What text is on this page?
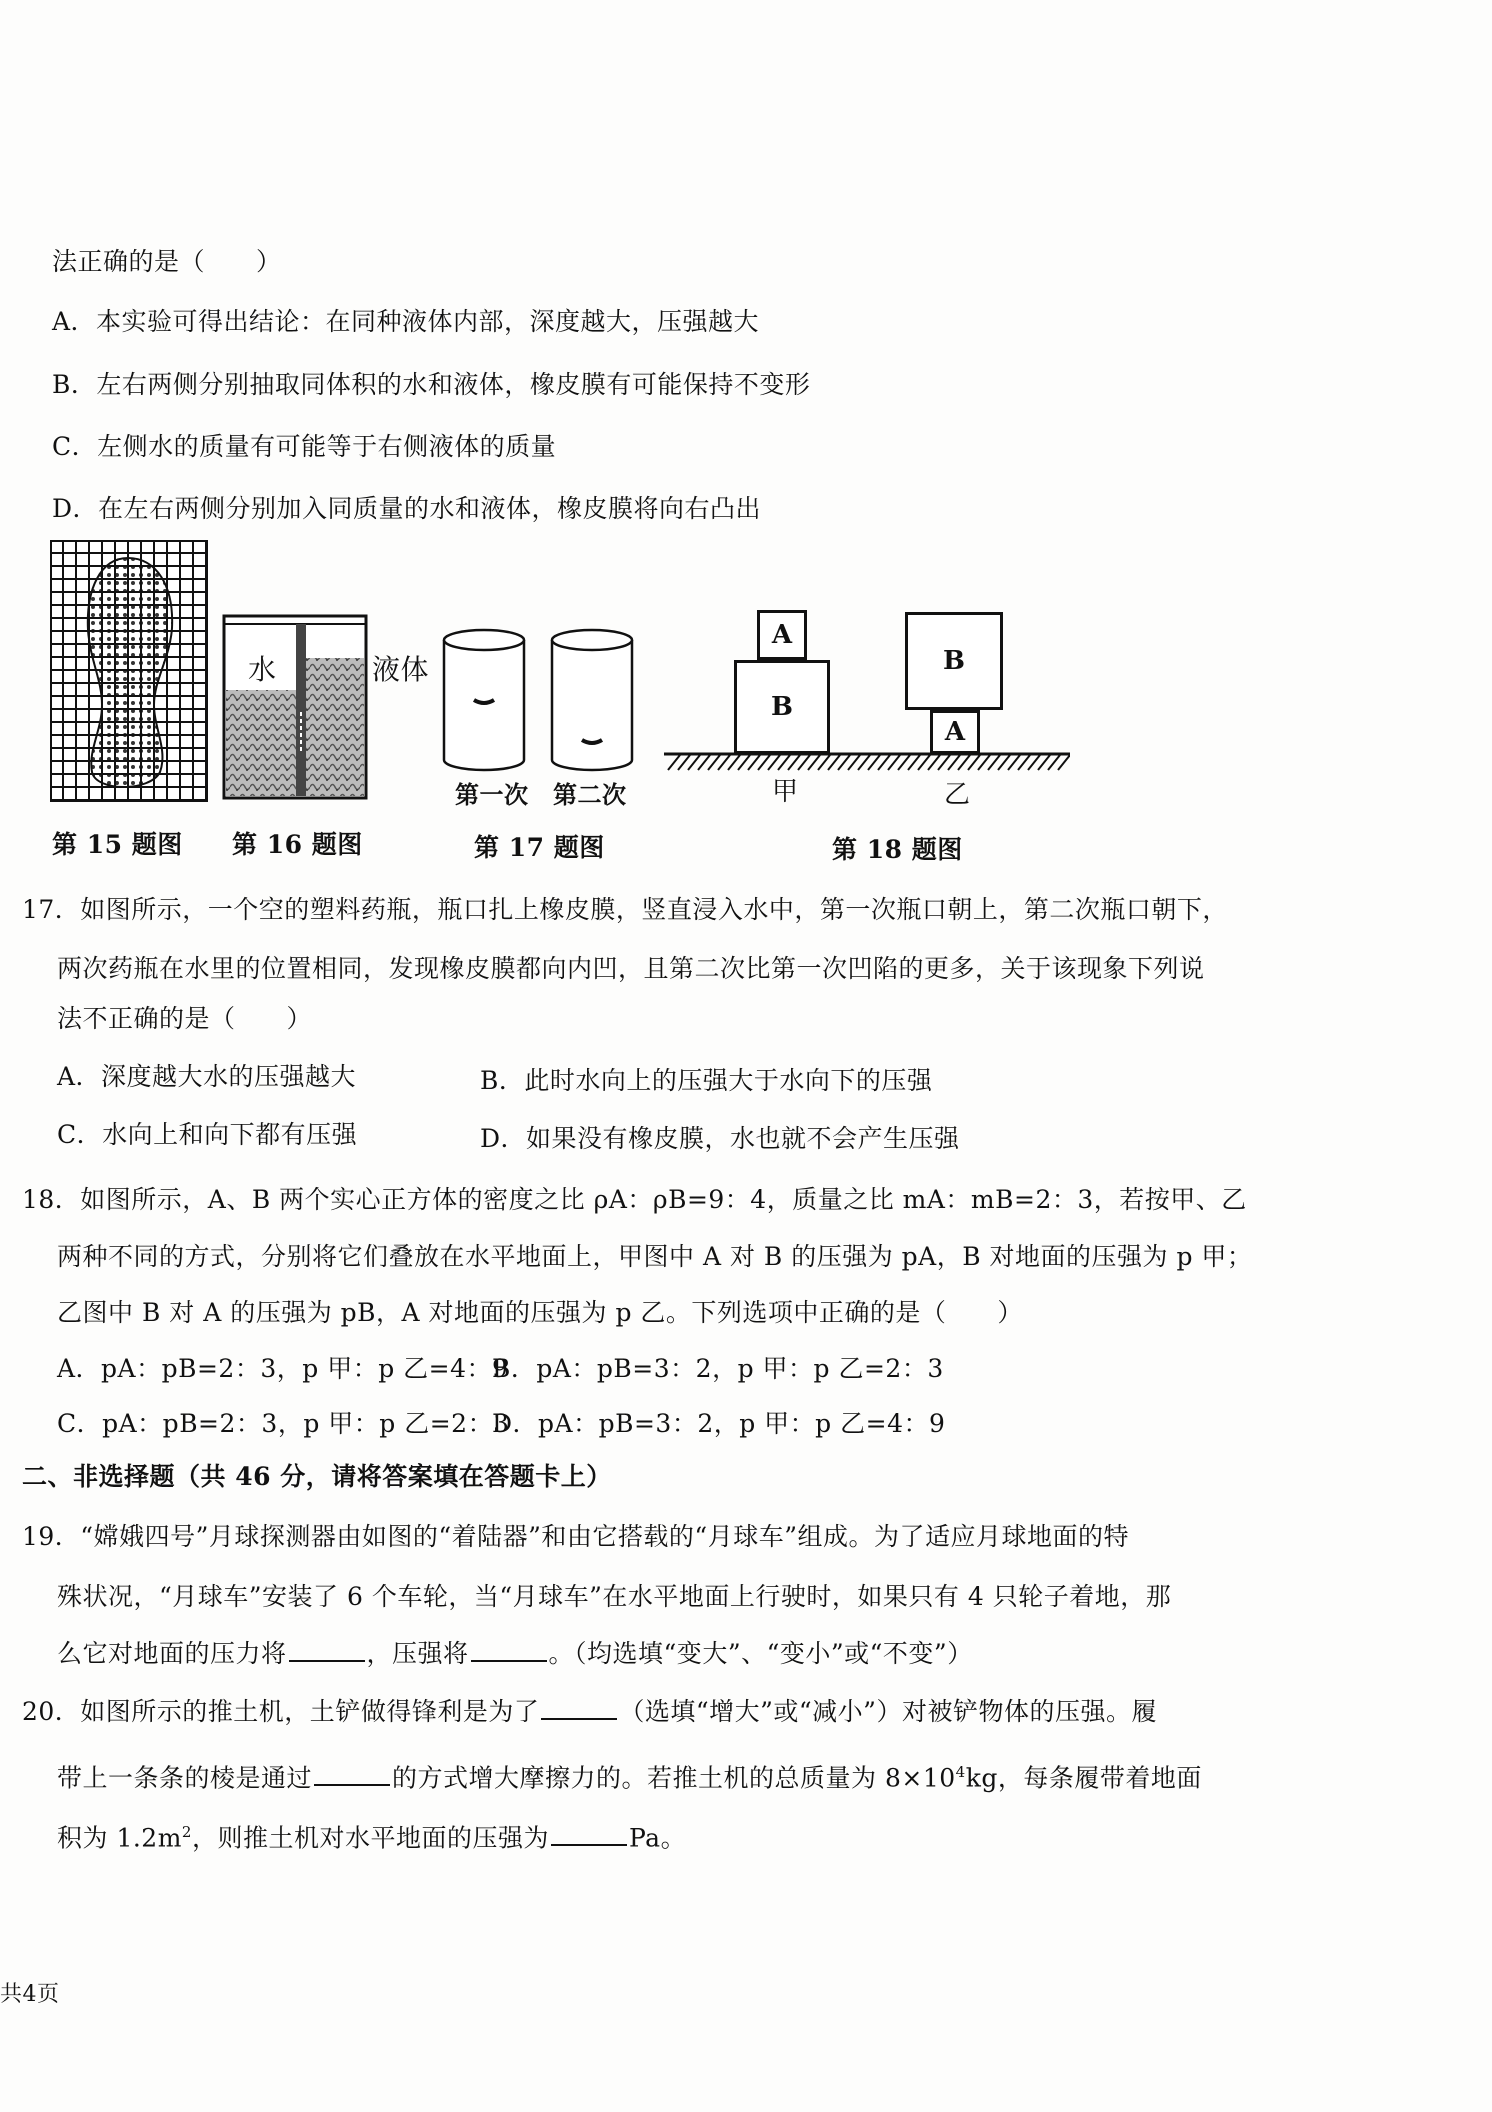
法正确的是（　　）
A．本实验可得出结论：在同种液体内部，深度越大，压强越大
B．左右两侧分别抽取同体积的水和液体，橡皮膜有可能保持不变形
C．左侧水的质量有可能等于右侧液体的质量
D．在左右两侧分别加入同质量的水和液体，橡皮膜将向右凸出
第 15 题图
水	液体
第 16 题图
第一次 第二次
第 17 题图
A
B
B
A
甲	乙
第 18 题图
17．如图所示，一个空的塑料药瓶，瓶口扎上橡皮膜，竖直浸入水中，第一次瓶口朝上，第二次瓶口朝下，
两次药瓶在水里的位置相同，发现橡皮膜都向内凹，且第二次比第一次凹陷的更多，关于该现象下列说
法不正确的是（　　）
A．深度越大水的压强越大	B．此时水向上的压强大于水向下的压强
C．水向上和向下都有压强	D．如果没有橡皮膜，水也就不会产生压强
18．如图所示，A、B 两个实心正方体的密度之比 ρA：ρB=9：4，质量之比 mA：mB=2：3，若按甲、乙
两种不同的方式，分别将它们叠放在水平地面上，甲图中 A 对 B 的压强为 pA，B 对地面的压强为 p 甲；
乙图中 B 对 A 的压强为 pB，A 对地面的压强为 p 乙。下列选项中正确的是（　　）
A．pA：pB=2：3，p 甲：p 乙=4：9
B．pA：pB=3：2，p 甲：p 乙=2：3
C．pA：pB=2：3，p 甲：p 乙=2：3
D．pA：pB=3：2，p 甲：p 乙=4：9
二、非选择题（共 46 分，请将答案填在答题卡上）
19．“嫦娥四号”月球探测器由如图的“着陆器”和由它搭载的“月球车”组成。为了适应月球地面的特
殊状况，“月球车”安装了 6 个车轮，当“月球车”在水平地面上行驶时，如果只有 4 只轮子着地，那
么它对地面的压力将	，压强将	。（均选填“变大”、“变小”或“不变”）
20．如图所示的推土机，土铲做得锋利是为了	（选填“增大”或“减小”）对被铲物体的压强。履
带上一条条的棱是通过	的方式增大摩擦力的。若推土机的总质量为 $8\times 10^4kg$，每条履带着地面
积为 $1.2m^2$，则推土机对水平地面的压强为	Pa。
共4页
